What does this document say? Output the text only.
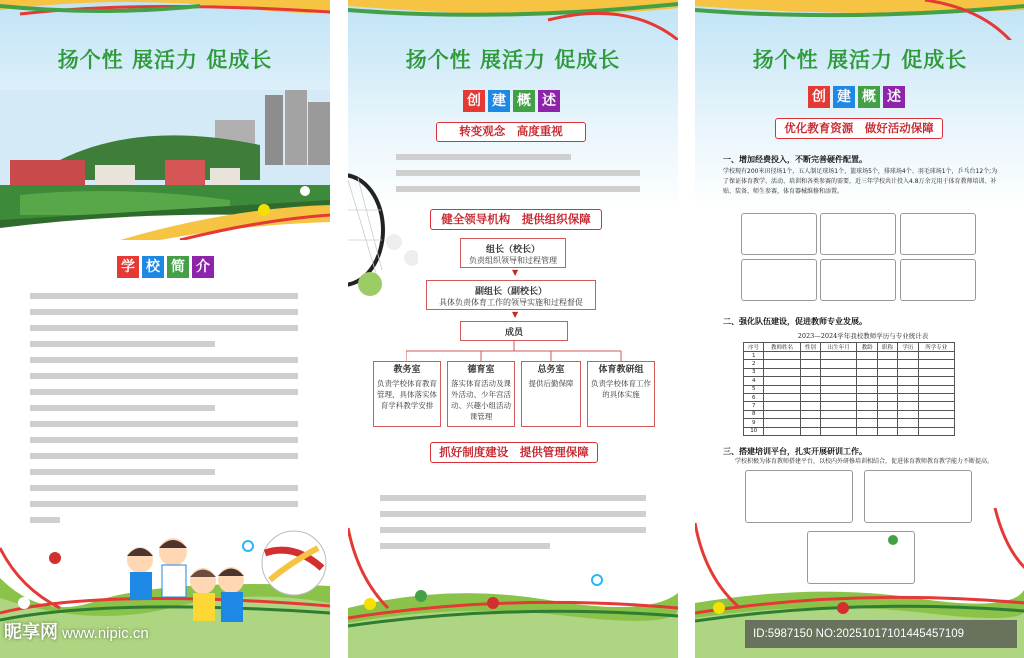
扬个性 展活力 促成长
学 校 简 介
昵享网 www.nipic.cn
扬个性 展活力 促成长
创 建 概 述
转变观念　高度重视
健全领导机构　提供组织保障
组长（校长）
负责组织领导和过程管理
▼
副组长（副校长）
具体负责体育工作的领导实施和过程督促
▼
成员
教务室
负责学校体育教育管理，具体落实体育学科教学安排
德育室
落实体育活动及课外活动、少年宫活动、兴趣小组活动课管理
总务室
提供后勤保障
体育教研组
负责学校体育工作的具体实施
抓好制度建设　提供管理保障
扬个性 展活力 促成长
创 建 概 述
优化教育资源　做好活动保障
一、增加经费投入，不断完善硬件配置。
学校现有200米田径场1个，五人制足球场1个，篮球场5个，排球场4个、羽毛球场1个，乒乓台12个;为了保证体育教学、活动、培训和各类参赛的需要，近三年学校共计投入4.8万余元用于体育教师培训、补贴、装备，师生参赛，体育器械维修和添置。
二、强化队伍建设，促进教师专业发展。
2023—2024学年我校教师学历与专业统计表
序号	教师姓名	性别	出生年月	教龄	职称	学历	所学专业
1							
2							
3							
4							
5							
6							
7							
8							
9							
10							
三、搭建培训平台，扎实开展研训工作。
学校积极为体育教师搭建平台，以校内外研修培训相结合，促进体育教师教育教学能力不断提高。
ID:5987150 NO:20251017101445457109
